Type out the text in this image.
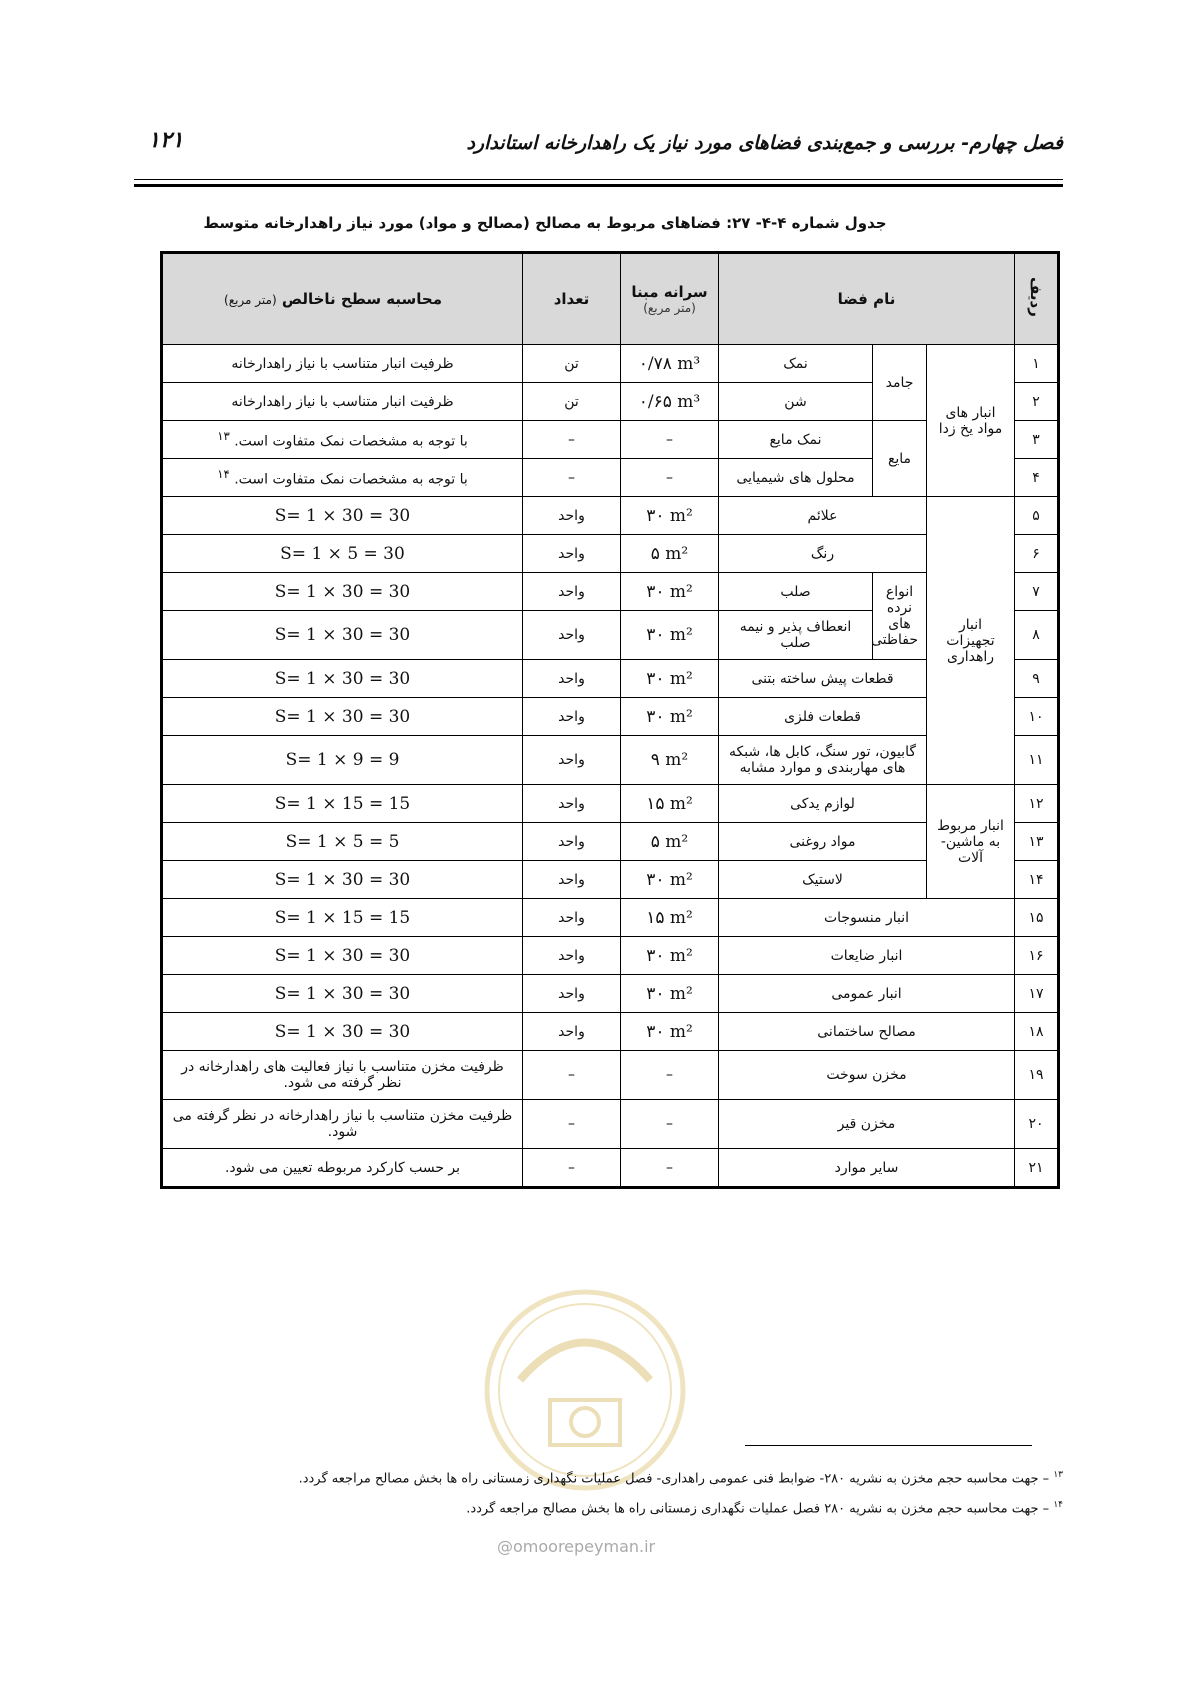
فصل چهارم- بررسی و جمع‌بندی فضاهای مورد نیاز یک راهدارخانه استاندارد
۱۲۱
جدول شماره ۴-۴- ۲۷: فضاهای مربوط به مصالح (مصالح و مواد) مورد نیاز راهدارخانه متوسط
ردیف	نام فضا			سرانه مبنا
(متر مربع)	تعداد	محاسبه سطح ناخالص (متر مربع)
۱	انبار های مواد یخ زدا	جامد	نمک	۰/۷۸ m³	تن	ظرفیت انبار متناسب با نیاز راهدارخانه
۲			شن	۰/۶۵ m³	تن	ظرفیت انبار متناسب با نیاز راهدارخانه
۳		مایع	نمک مایع	–	–	با توجه به مشخصات نمک متفاوت است. $^{۱۳}$
۴			محلول های شیمیایی	–	–	با توجه به مشخصات نمک متفاوت است. $^{۱۴}$
۵	انبار تجهیزات راهداری	علائم		۳۰ m²	واحد	S= 1 × 30 = 30
۶		رنگ		۵ m²	واحد	S= 1 × 5 = 30
۷		انواع نرده های حفاظتی	صلب	۳۰ m²	واحد	S= 1 × 30 = 30
۸			انعطاف پذیر و نیمه صلب	۳۰ m²	واحد	S= 1 × 30 = 30
۹		قطعات پیش ساخته بتنی		۳۰ m²	واحد	S= 1 × 30 = 30
۱۰		قطعات فلزی		۳۰ m²	واحد	S= 1 × 30 = 30
۱۱		گابیون، تور سنگ، کابل ها، شبکه های مهاربندی و موارد مشابه		۹ m²	واحد	S= 1 × 9 = 9
۱۲	انبار مربوط به ماشین- آلات	لوازم یدکی		۱۵ m²	واحد	S= 1 × 15 = 15
۱۳		مواد روغنی		۵ m²	واحد	S= 1 × 5 = 5
۱۴		لاستیک		۳۰ m²	واحد	S= 1 × 30 = 30
۱۵	انبار منسوجات			۱۵ m²	واحد	S= 1 × 15 = 15
۱۶	انبار ضایعات			۳۰ m²	واحد	S= 1 × 30 = 30
۱۷	انبار عمومی			۳۰ m²	واحد	S= 1 × 30 = 30
۱۸	مصالح ساختمانی			۳۰ m²	واحد	S= 1 × 30 = 30
۱۹	مخزن سوخت			–	–	ظرفیت مخزن متناسب با نیاز فعالیت های راهدارخانه در نظر گرفته می شود.
۲۰	مخزن قیر			–	–	ظرفیت مخزن متناسب با نیاز راهدارخانه در نظر گرفته می شود.
۲۱	سایر موارد			–	–	بر حسب کارکرد مربوطه تعیین می شود.
$^{۱۳}$ – جهت محاسبه حجم مخزن به نشریه ۲۸۰- ضوابط فنی عمومی راهداری- فصل عملیات نگهداری زمستانی راه ها بخش مصالح مراجعه گردد.
$^{۱۴}$ – جهت محاسبه حجم مخزن به نشریه ۲۸۰ فصل عملیات نگهداری زمستانی راه ها بخش مصالح مراجعه گردد.
@omoorepeyman.ir
